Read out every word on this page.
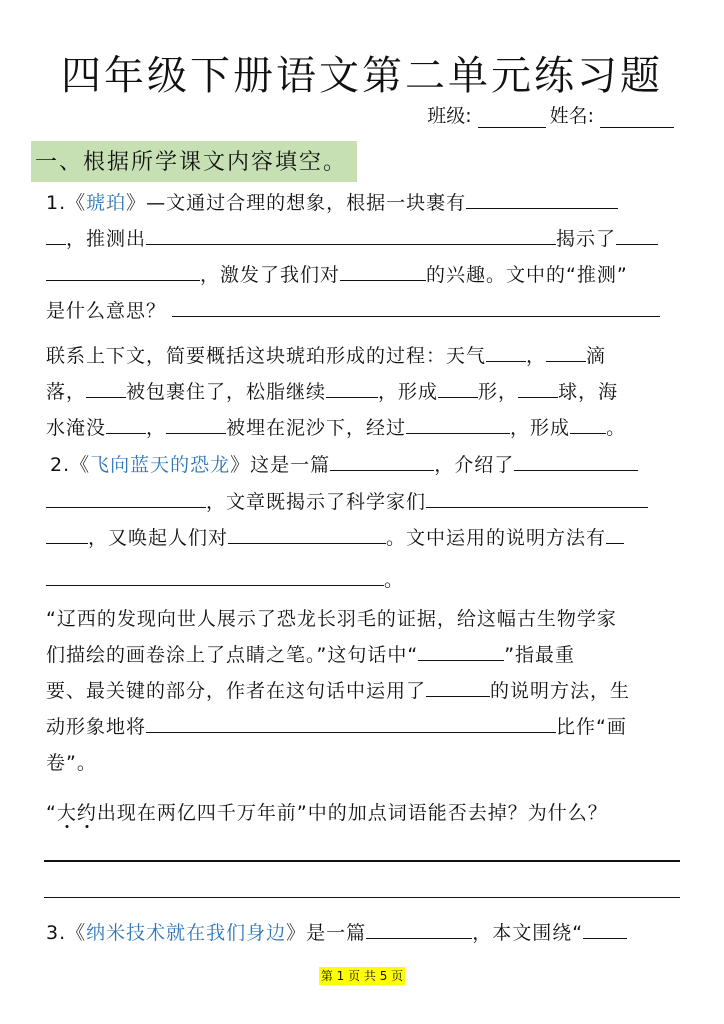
四年级下册语文第二单元练习题
班级:	姓名:
一、根据所学课文内容填空。
1.《琥珀》—文通过合理的想象，根据一块裹有
，推测出	揭示了
，激发了我们对	的兴趣。文中的“推测”
是什么意思？
联系上下文，简要概括这块琥珀形成的过程：天气 ， 滴
落， 被包裹住了，松脂继续	，形成 形， 球，海
水淹没 ，	被埋在泥沙下，经过	，形成 。
2.《飞向蓝天的恐龙》这是一篇	，介绍了
，文章既揭示了科学家们
，又唤起人们对	。文中运用的说明方法有
。
“辽西的发现向世人展示了恐龙长羽毛的证据，给这幅古生物学家
们描绘的画卷涂上了点睛之笔。”这句话中“	”指最重
要、最关键的部分，作者在这句话中运用了	的说明方法，生
动形象地将	比作“画
卷”。
“大约出现在两亿四千万年前”中的加点词语能否去掉？为什么？
3.《纳米技术就在我们身边》是一篇	，本文围绕“
第 1 页 共 5 页
